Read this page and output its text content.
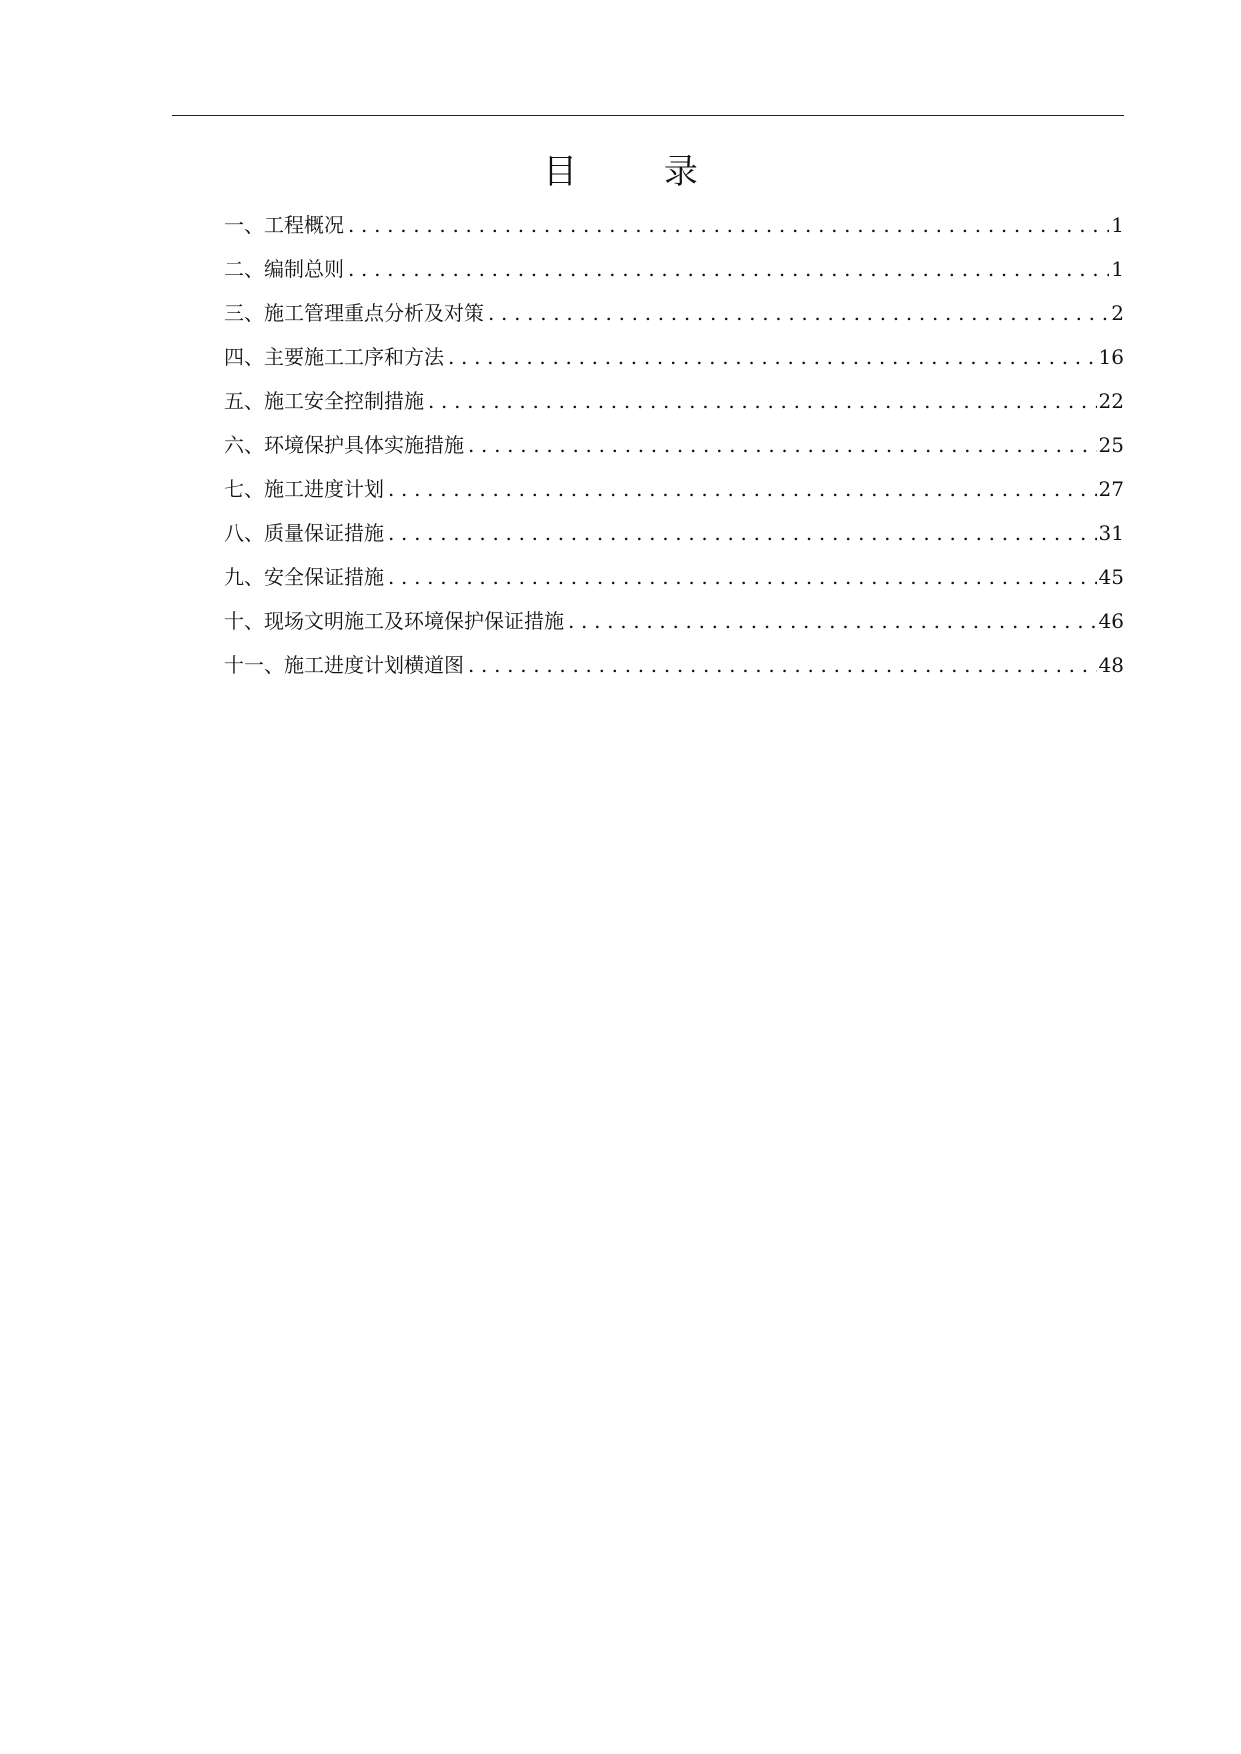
目 录
一、工程概况 .....	1
二、编制总则 .....	1
三、施工管理重点分析及对策 .....	2
四、主要施工工序和方法 .....	16
五、施工安全控制措施 .....	22
六、环境保护具体实施措施 .....	25
七、施工进度计划 .....	27
八、质量保证措施 .....	31
九、安全保证措施 .....	45
十、现场文明施工及环境保护保证措施 .....	46
十一、施工进度计划横道图 .....	48
